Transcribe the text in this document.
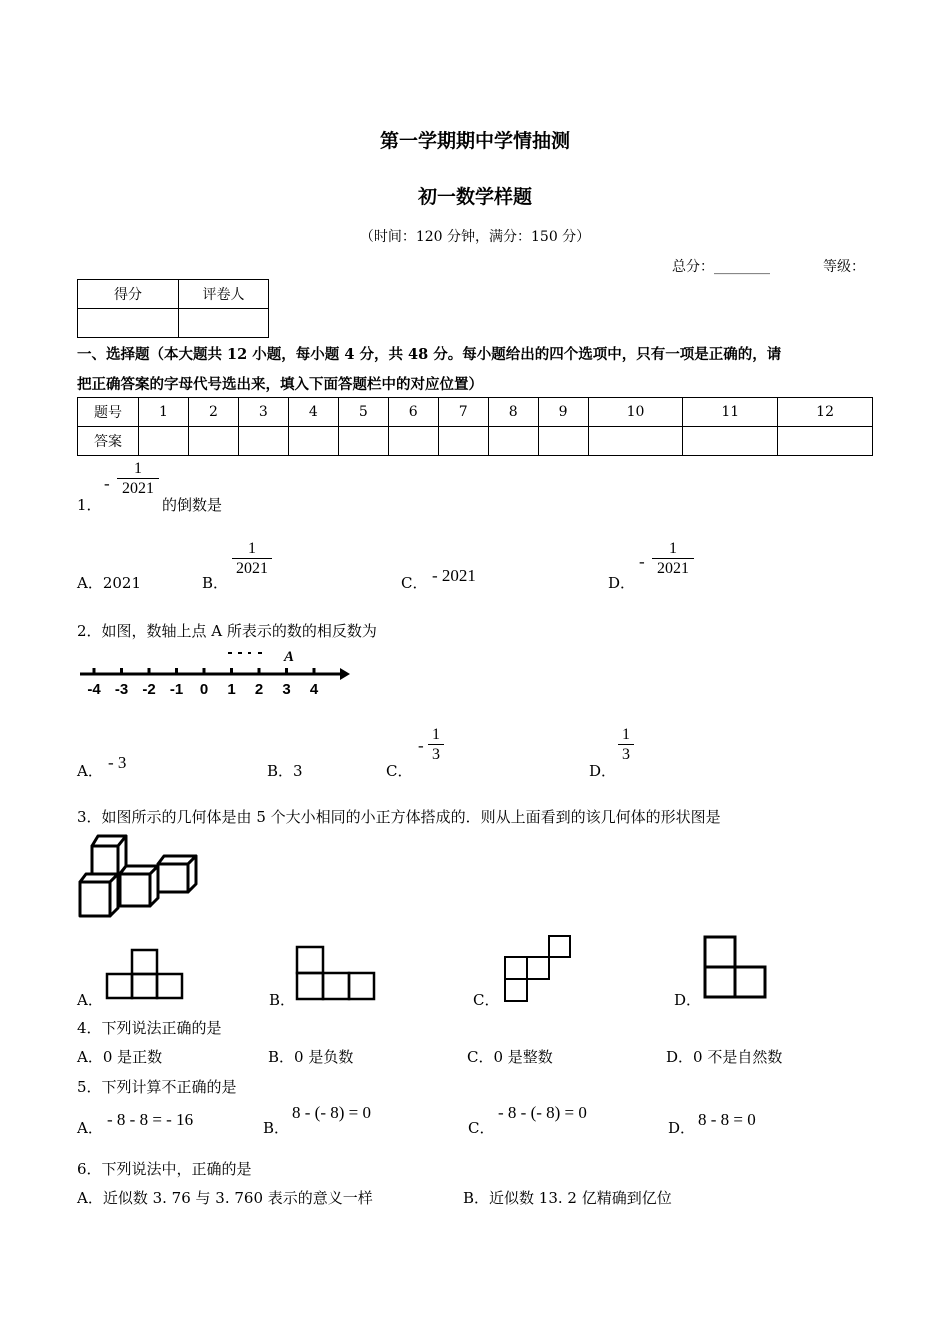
第一学期期中学情抽测
初一数学样题
（时间：120 分钟，满分：150 分）
总分：________	等级：
得分	评卷人

一、选择题（本大题共 12 小题，每小题 4 分，共 48 分。每小题给出的四个选项中，只有一项是正确的，请
把正确答案的字母代号选出来，填入下面答题栏中的对应位置）
题号	1	2	3	4	5	6	7	8	9	10	11	12
答案												
1
2021
-
1．	的倒数是
A．2021	B．
1
2021
C． - 2021	D．
-
1
2021
2．如图，数轴上点 A 所表示的数的相反数为
-4 -3 -2 -1 0 1 2 3 4
A
A． - 3	B．3	C．
-
1
3
D．
1
3
3．如图所示的几何体是由 5 个大小相同的小正方体搭成的．则从上面看到的该几何体的形状图是
A．	B．	C．	D．
4．下列说法正确的是
A．0 是正数	B．0 是负数	C．0 是整数	D．0 不是自然数
5．下列计算不正确的是
A． - 8 - 8 = - 16	B．
8 - (- 8) = 0
C．
- 8 - (- 8) = 0
D． 8 - 8 = 0
6．下列说法中，正确的是
A．近似数 3. 76 与 3. 760 表示的意义一样	B．近似数 13. 2 亿精确到亿位
